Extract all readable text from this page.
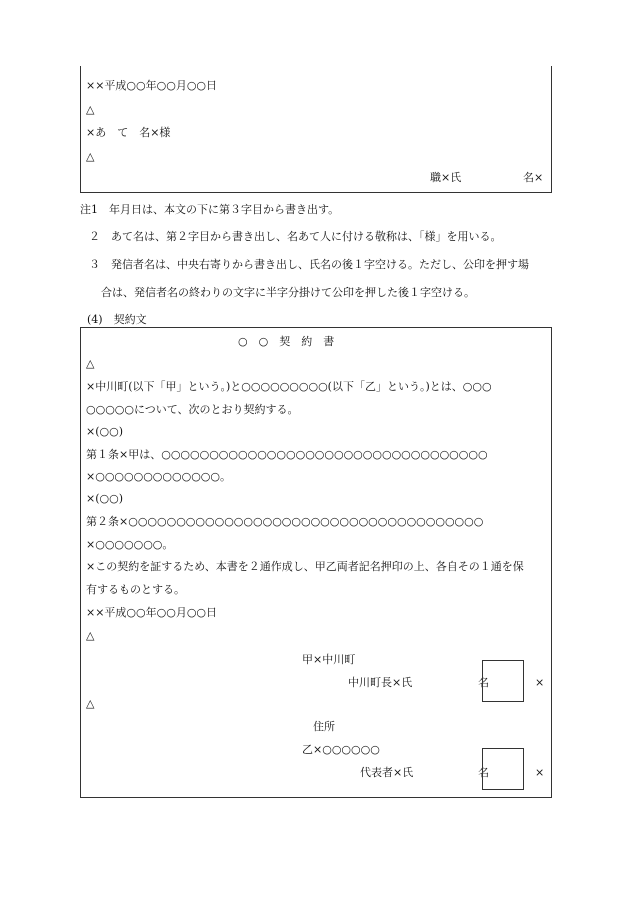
××平成○○年○○月○○日
△
×あ　て　名×様
△
職×氏	名×
注1　年月日は、本文の下に第３字目から書き出す。
２　あて名は、第２字目から書き出し、名あて人に付ける敬称は、「様」を用いる。
３　発信者名は、中央右寄りから書き出し、氏名の後１字空ける。ただし、公印を押す場
合は、発信者名の終わりの文字に半字分掛けて公印を押した後１字空ける。
(4)　契約文
○　○　契　約　書
△
×中川町(以下「甲」という。)と○○○○○○○○○(以下「乙」という。)とは、○○○
○○○○○について、次のとおり契約する。
×(○○)
第１条×甲は、○○○○○○○○○○○○○○○○○○○○○○○○○○○○○○○○○○
×○○○○○○○○○○○○○。
×(○○)
第２条×○○○○○○○○○○○○○○○○○○○○○○○○○○○○○○○○○○○○○
×○○○○○○○。
×この契約を証するため、本書を２通作成し、甲乙両者記名押印の上、各自その１通を保
有するものとする。
××平成○○年○○月○○日
△
甲×中川町
中川町長×氏	名	×
△
住所
乙×○○○○○○
代表者×氏	名	×
